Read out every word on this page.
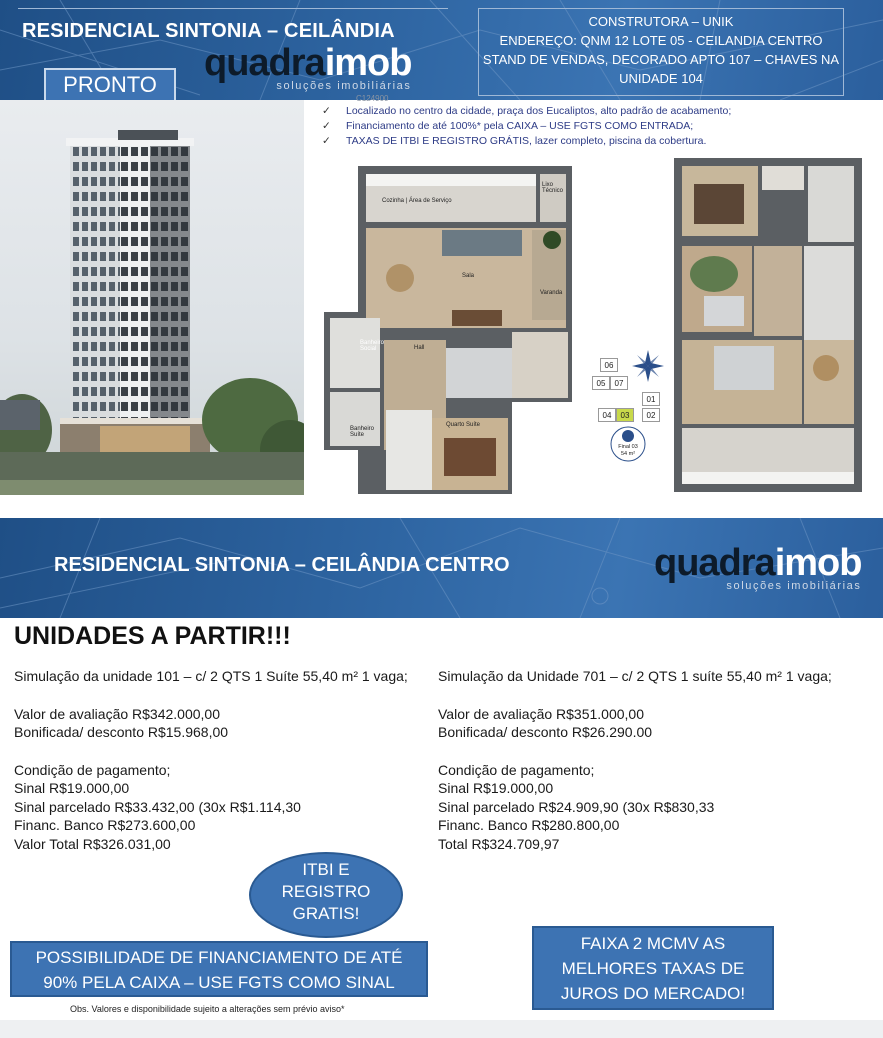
RESIDENCIAL SINTONIA – CEILÂNDIA
PRONTO
quadraimob
soluções imobiliárias
CONSTRUTORA – UNIK
ENDEREÇO: QNM 12 LOTE 05 - CEILANDIA CENTRO
STAND DE VENDAS, DECORADO APTO 107 – CHAVES NA
UNIDADE 104
C124900
✓ Localizado no centro da cidade, praça dos Eucaliptos, alto padrão de acabamento;
✓ Financiamento de até 100%* pela CAIXA – USE FGTS COMO ENTRADA;
✓ TAXAS DE ITBI E REGISTRO GRÁTIS, lazer completo, piscina da cobertura.
Cozinha | Área de Serviço
Sala
Varanda
Hall
Banheiro Social
Banheiro Suíte
Quarto Suíte
Lixo Técnico
06
05	07
01
04	03	02
Final 03
54 m²
RESIDENCIAL SINTONIA – CEILÂNDIA CENTRO	quadraimob
soluções imobiliárias
UNIDADES A PARTIR!!!

Simulação da unidade 101 – c/ 2 QTS 1 Suíte 55,40 m² 1 vaga;

Valor de avaliação R$342.000,00

Bonificada/ desconto R$15.968,00

Condição de pagamento;

Sinal R$19.000,00

Sinal parcelado R$33.432,00 (30x R$1.114,30

Financ. Banco R$273.600,00

Valor Total R$326.031,00

Simulação da Unidade 701 – c/ 2 QTS 1 suíte 55,40 m² 1 vaga;

Valor de avaliação R$351.000,00

Bonificada/ desconto R$26.290.00

Condição de pagamento;

Sinal R$19.000,00

Sinal parcelado R$24.909,90 (30x R$830,33

Financ. Banco R$280.800,00

Total R$324.709,97

ITBI E
REGISTRO
GRATIS!
POSSIBILIDADE DE FINANCIAMENTO DE ATÉ
90% PELA CAIXA – USE FGTS COMO SINAL
FAIXA 2 MCMV AS
MELHORES TAXAS DE
JUROS DO MERCADO!
Obs. Valores e disponibilidade sujeito a alterações sem prévio aviso*
